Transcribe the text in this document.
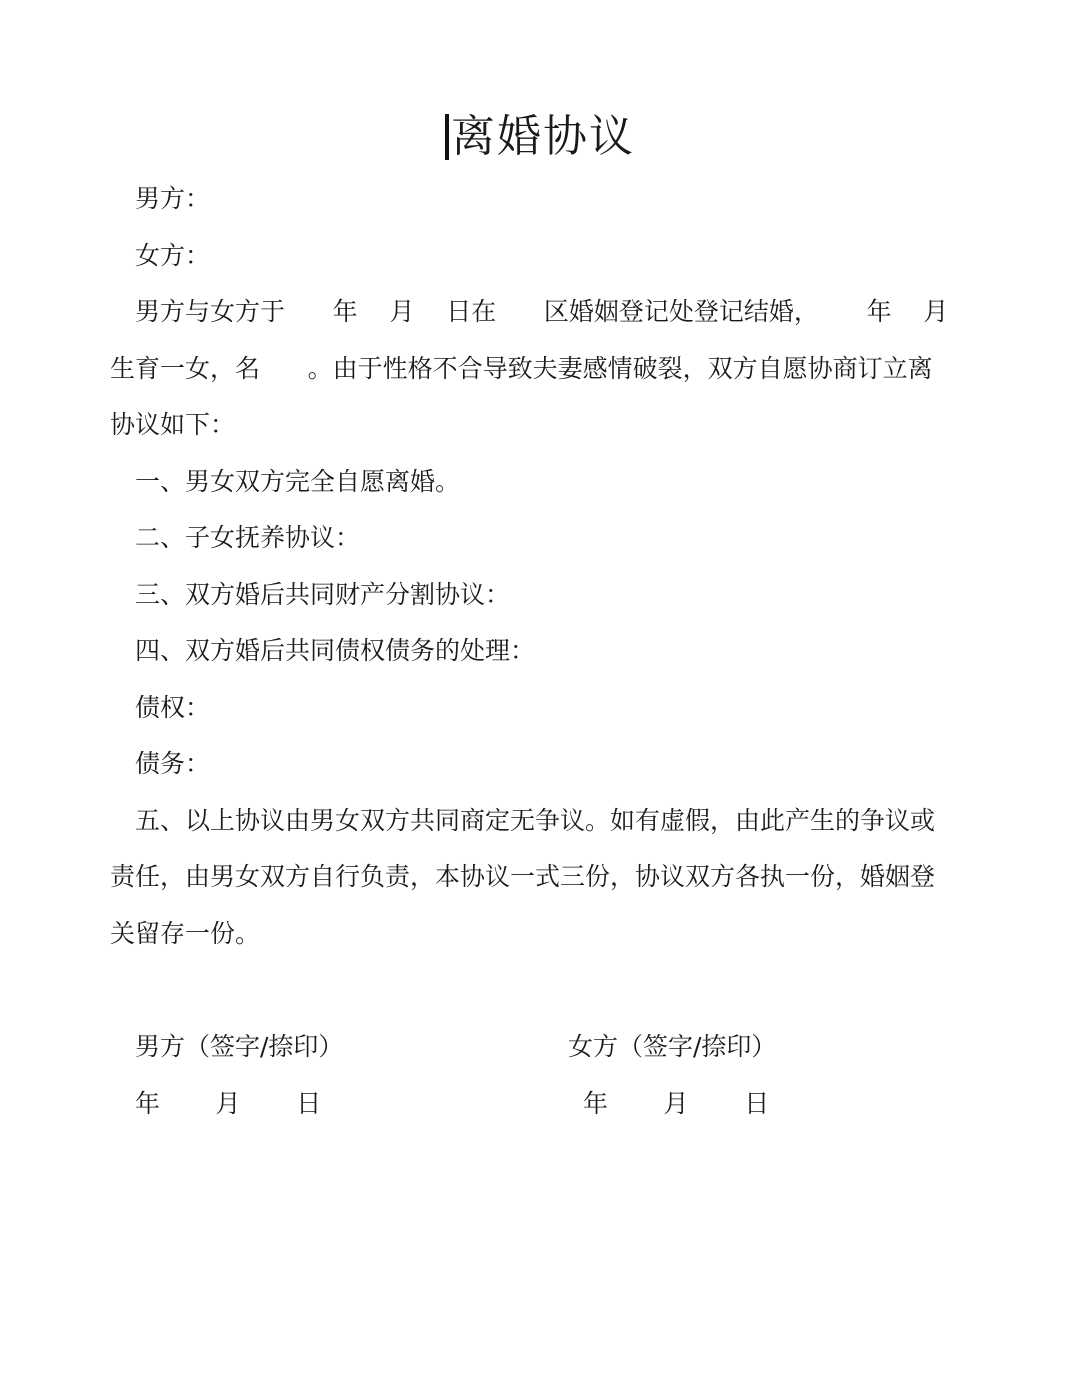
离婚协议
男方：
女方：
男方与女方于      年    月    日在      区婚姻登记处登记结婚，      年    月
生育一女，名      。由于性格不合导致夫妻感情破裂，双方自愿协商订立离
协议如下：
一、男女双方完全自愿离婚。
二、子女抚养协议：
三、双方婚后共同财产分割协议：
四、双方婚后共同债权债务的处理：
债权：
债务：
五、以上协议由男女双方共同商定无争议。如有虚假，由此产生的争议或
责任，由男女双方自行负责，本协议一式三份，协议双方各执一份，婚姻登
关留存一份。
男方（签字/捺印）	女方（签字/捺印）
年       月       日	年       月       日
